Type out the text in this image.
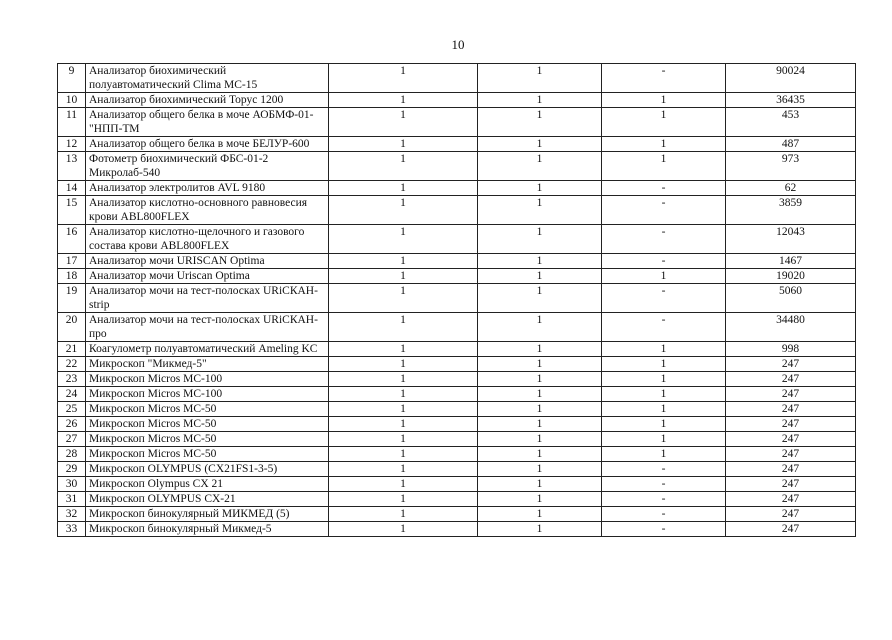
10
9	Анализатор биохимический полуавтоматический Clima MC-15	1	1	-	90024
10	Анализатор биохимический Торус 1200	1	1	1	36435
11	Анализатор общего белка в моче АОБМФ-01- "НПП-ТМ	1	1	1	453
12	Анализатор общего белка в моче БЕЛУР-600	1	1	1	487
13	Фотометр биохимический ФБС-01-2 Микролаб-540	1	1	1	973
14	Анализатор электролитов AVL 9180	1	1	-	62
15	Анализатор кислотно-основного равновесия крови ABL800FLEX	1	1	-	3859
16	Анализатор кислотно-щелочного и газового состава крови ABL800FLEX	1	1	-	12043
17	Анализатор мочи URISCAN Optima	1	1	-	1467
18	Анализатор мочи Uriscan Optima	1	1	1	19020
19	Анализатор мочи на тест-полосках URiСКАН-strip	1	1	-	5060
20	Анализатор мочи на тест-полосках URiСКАН-про	1	1	-	34480
21	Коагулометр полуавтоматический Ameling KC	1	1	1	998
22	Микроскоп "Микмед-5"	1	1	1	247
23	Микроскоп Micros MC-100	1	1	1	247
24	Микроскоп Micros MC-100	1	1	1	247
25	Микроскоп Micros MC-50	1	1	1	247
26	Микроскоп Micros MC-50	1	1	1	247
27	Микроскоп Micros MC-50	1	1	1	247
28	Микроскоп Micros MC-50	1	1	1	247
29	Микроскоп OLYMPUS (CX21FS1-3-5)	1	1	-	247
30	Микроскоп Olympus CX 21	1	1	-	247
31	Микроскоп OLYMPUS CX-21	1	1	-	247
32	Микроскоп бинокулярный МИКМЕД (5)	1	1	-	247
33	Микроскоп бинокулярный Микмед-5	1	1	-	247
